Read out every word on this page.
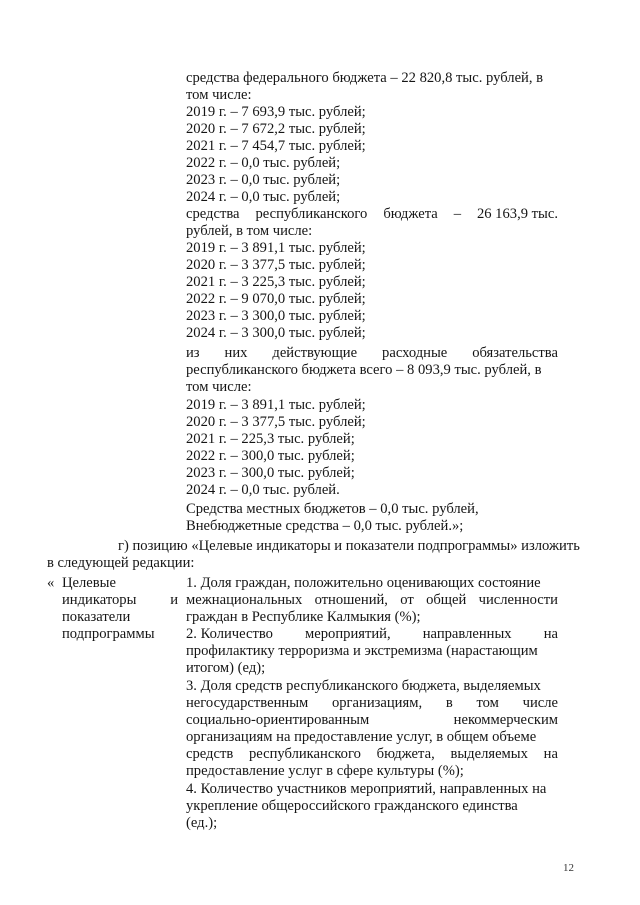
средства федерального бюджета – 22 820,8 тыс. рублей, в
том числе:
2019 г. – 7 693,9 тыс. рублей;
2020 г. – 7 672,2 тыс. рублей;
2021 г. – 7 454,7 тыс. рублей;
2022 г. – 0,0 тыс. рублей;
2023 г. – 0,0 тыс. рублей;
2024 г. – 0,0 тыс. рублей;
средства республиканского бюджета – 26 163,9 тыс.
рублей, в том числе:
2019 г. – 3 891,1 тыс. рублей;
2020 г. – 3 377,5 тыс. рублей;
2021 г. – 3 225,3 тыс. рублей;
2022 г. – 9 070,0 тыс. рублей;
2023 г. – 3 300,0 тыс. рублей;
2024 г. – 3 300,0 тыс. рублей;
из них действующие расходные обязательства
республиканского бюджета всего – 8 093,9 тыс. рублей, в
том числе:
2019 г. – 3 891,1 тыс. рублей;
2020 г. – 3 377,5 тыс. рублей;
2021 г. – 225,3 тыс. рублей;
2022 г. – 300,0 тыс. рублей;
2023 г. – 300,0 тыс. рублей;
2024 г. – 0,0 тыс. рублей.
Средства местных бюджетов – 0,0 тыс. рублей,
Внебюджетные средства – 0,0 тыс. рублей.»;
г) позицию «Целевые индикаторы и показатели подпрограммы» изложить
в следующей редакции:
« Целевые
индикаторы и
показатели
подпрограммы
1. Доля граждан, положительно оценивающих состояние
межнациональных отношений, от общей численности
граждан в Республике Калмыкия (%);
2. Количество мероприятий, направленных на
профилактику терроризма и экстремизма (нарастающим
итогом) (ед);
3. Доля средств республиканского бюджета, выделяемых
негосударственным организациям, в том числе
социально-ориентированным	некоммерческим
организациям на предоставление услуг, в общем объеме
средств республиканского бюджета, выделяемых на
предоставление услуг в сфере культуры (%);
4. Количество участников мероприятий, направленных на
укрепление общероссийского гражданского единства
(ед.);
12
